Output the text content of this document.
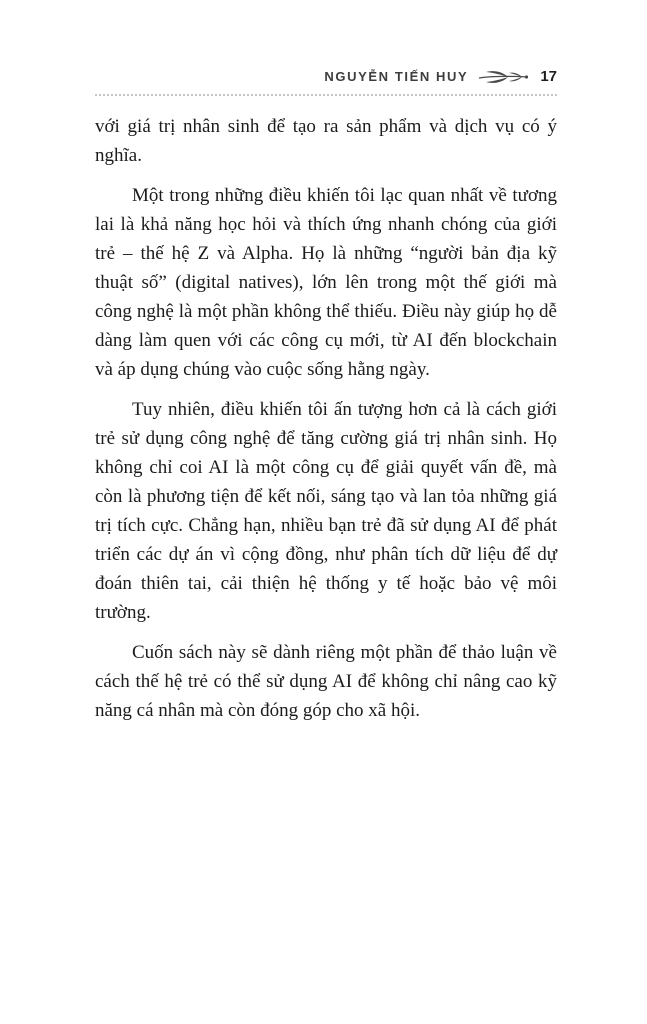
NGUYỄN TIẾN HUY	17

với giá trị nhân sinh để tạo ra sản phẩm và dịch vụ có ý nghĩa.

Một trong những điều khiến tôi lạc quan nhất về tương lai là khả năng học hỏi và thích ứng nhanh chóng của giới trẻ – thế hệ Z và Alpha. Họ là những “người bản địa kỹ thuật số” (digital natives), lớn lên trong một thế giới mà công nghệ là một phần không thể thiếu. Điều này giúp họ dễ dàng làm quen với các công cụ mới, từ AI đến blockchain và áp dụng chúng vào cuộc sống hằng ngày.

Tuy nhiên, điều khiến tôi ấn tượng hơn cả là cách giới trẻ sử dụng công nghệ để tăng cường giá trị nhân sinh. Họ không chỉ coi AI là một công cụ để giải quyết vấn đề, mà còn là phương tiện để kết nối, sáng tạo và lan tỏa những giá trị tích cực. Chẳng hạn, nhiều bạn trẻ đã sử dụng AI để phát triển các dự án vì cộng đồng, như phân tích dữ liệu để dự đoán thiên tai, cải thiện hệ thống y tế hoặc bảo vệ môi trường.

Cuốn sách này sẽ dành riêng một phần để thảo luận về cách thế hệ trẻ có thể sử dụng AI để không chỉ nâng cao kỹ năng cá nhân mà còn đóng góp cho xã hội.
